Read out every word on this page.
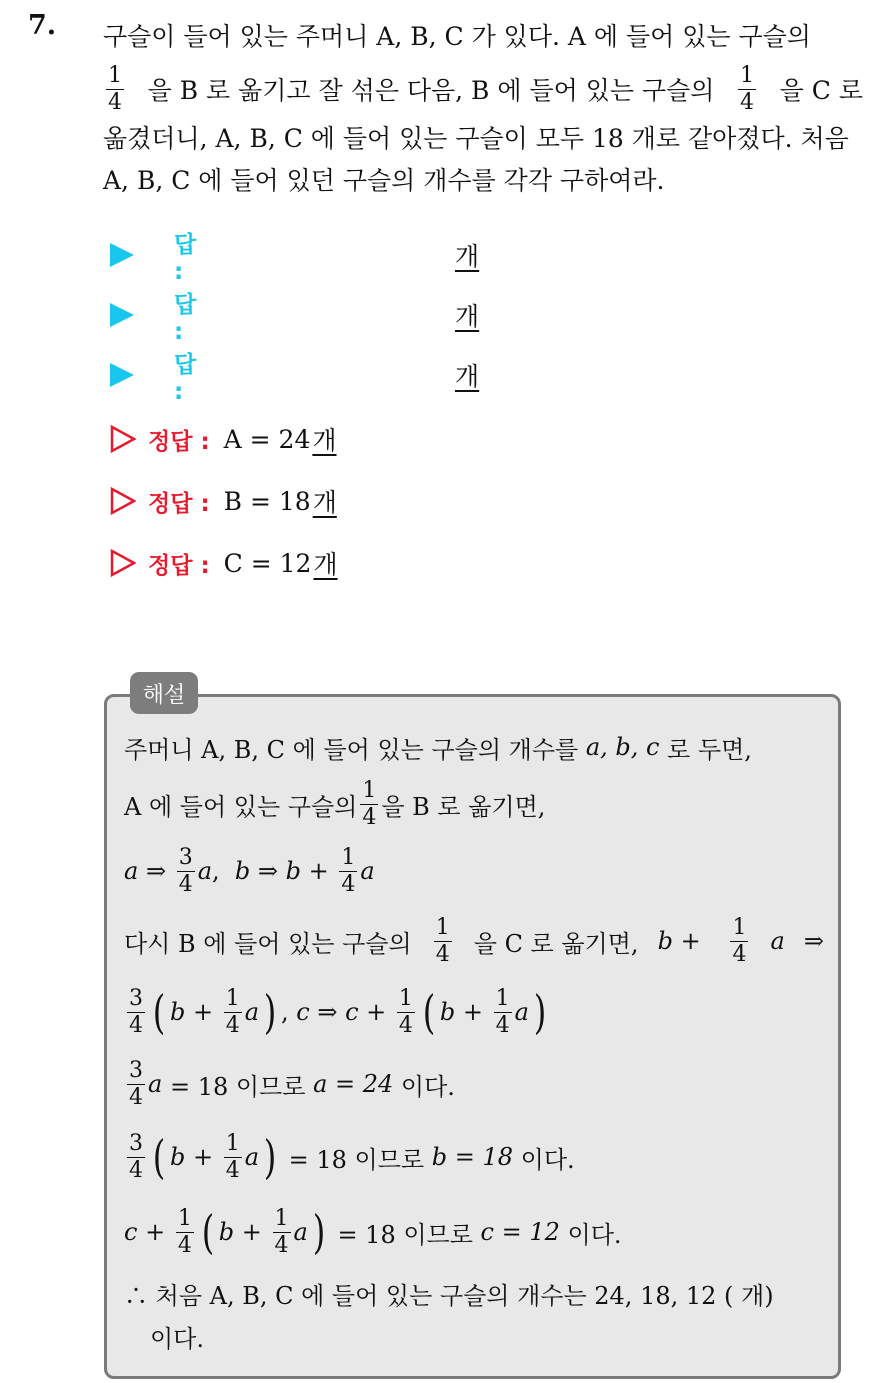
7. 구슬이 들어 있는 주머니 A, B, C 가 있다. A 에 들어 있는 구슬의
$\frac{1}{4}$ 을 B 로 옮기고 잘 섞은 다음, B 에 들어 있는 구슬의 $\frac{1}{4}$ 을 C 로
옮겼더니, A, B, C 에 들어 있는 구슬이 모두 18 개로 같아졌다. 처음
A, B, C 에 들어 있던 구슬의 개수를 각각 구하여라.
답 :
개
답 :
개
답 :
개
정답 : A = 24 개
정답 : B = 18 개
정답 : C = 12 개
해설
주머니 A, B, C 에 들어 있는 구슬의 개수를
a, b, c
로 두면,
A 에 들어 있는 구슬의 $\frac{1}{4}$ 을 B 로 옮기면,
a ⇒ $\frac{3}{4}$ a , b ⇒ $b + \frac{1}{4}$ a
다시 B 에 들어 있는 구슬의 $\frac{1}{4}$ 을 C 로 옮기면, $b + \frac{1}{4}$ a ⇒
$\frac{3}{4}$ ( $b + \frac{1}{4}$ a ) , c ⇒ $c + \frac{1}{4}$ ( $b + \frac{1}{4}$ a )
$\frac{3}{4}$ a
= 18 이므로
a = 24
이다.
$\frac{3}{4}$ ( $b + \frac{1}{4}$ a )
= 18 이므로
b = 18
이다.
$c + \frac{1}{4}$ ( $b + \frac{1}{4}$ a )
= 18 이므로
c = 12
이다.
∴ 처음 A, B, C 에 들어 있는 구슬의 개수는 24, 18, 12 ( 개)
이다.
